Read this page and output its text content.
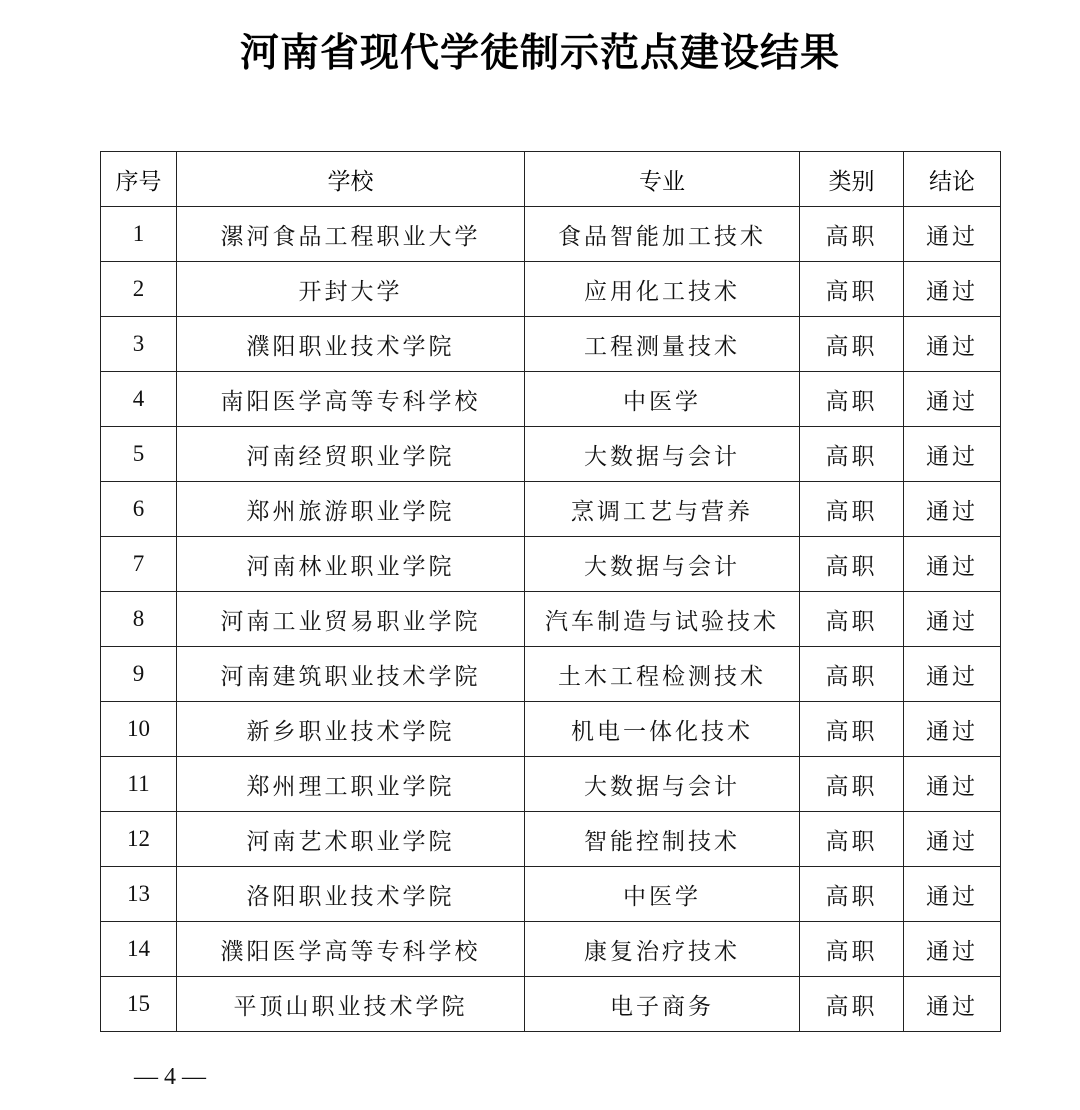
河南省现代学徒制示范点建设结果
序号	学校	专业	类别	结论
1	漯河食品工程职业大学	食品智能加工技术	高职	通过
2	开封大学	应用化工技术	高职	通过
3	濮阳职业技术学院	工程测量技术	高职	通过
4	南阳医学高等专科学校	中医学	高职	通过
5	河南经贸职业学院	大数据与会计	高职	通过
6	郑州旅游职业学院	烹调工艺与营养	高职	通过
7	河南林业职业学院	大数据与会计	高职	通过
8	河南工业贸易职业学院	汽车制造与试验技术	高职	通过
9	河南建筑职业技术学院	土木工程检测技术	高职	通过
10	新乡职业技术学院	机电一体化技术	高职	通过
11	郑州理工职业学院	大数据与会计	高职	通过
12	河南艺术职业学院	智能控制技术	高职	通过
13	洛阳职业技术学院	中医学	高职	通过
14	濮阳医学高等专科学校	康复治疗技术	高职	通过
15	平顶山职业技术学院	电子商务	高职	通过
— 4 —
